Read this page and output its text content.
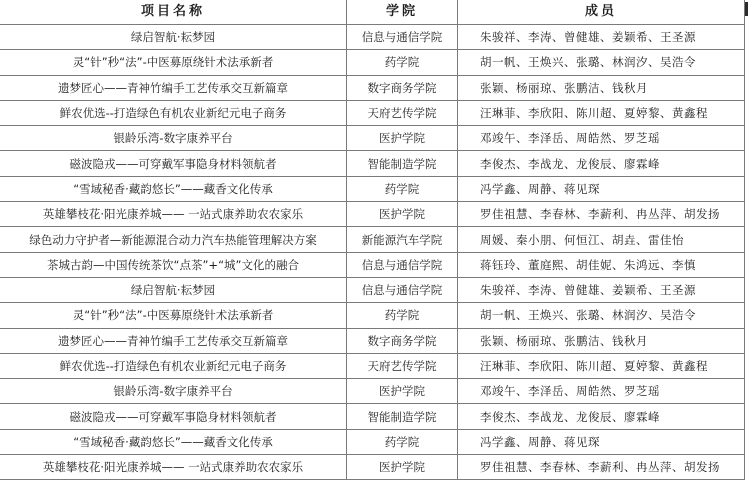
项目名称	学院	成员
绿启智航·耘梦园	信息与通信学院	朱骏祥、李涛、曾健雄、姜颖希、王圣源
灵“针”秒“法”-中医募原绕针术法承新者	药学院	胡一帆、王焕兴、张璐、林润汐、吴浩令
遗梦匠心——青神竹编手工艺传承交互新篇章	数字商务学院	张颖、杨丽琼、张鹏洁、钱秋月
鲜农优选--打造绿色有机农业新纪元电子商务	天府艺传学院	汪琳菲、李欣阳、陈川超、夏婷黎、黄鑫程
银龄乐湾-数字康养平台	医护学院	邓竣午、李泽岳、周皓然、罗芝瑶
磁波隐戎——可穿戴军事隐身材料领航者	智能制造学院	李俊杰、李战龙、龙俊辰、廖霖峰
“雪域秘香·藏韵悠长”——藏香文化传承	药学院	冯学鑫、周静、蒋见琛
英雄攀枝花·阳光康养城—— 一站式康养助农农家乐	医护学院	罗佳祖慧、李春林、李薪利、冉丛萍、胡发扬
绿色动力守护者—新能源混合动力汽车热能管理解决方案	新能源汽车学院	周媛、秦小朋、何恒江、胡垚、雷佳怡
茶城古韵—中国传统茶饮“点茶”+“城”文化的融合	信息与通信学院	蒋钰玲、董庭熙、胡佳妮、朱鸿远、李慎
绿启智航·耘梦园	信息与通信学院	朱骏祥、李涛、曾健雄、姜颖希、王圣源
灵“针”秒“法”-中医募原绕针术法承新者	药学院	胡一帆、王焕兴、张璐、林润汐、吴浩令
遗梦匠心——青神竹编手工艺传承交互新篇章	数字商务学院	张颖、杨丽琼、张鹏洁、钱秋月
鲜农优选--打造绿色有机农业新纪元电子商务	天府艺传学院	汪琳菲、李欣阳、陈川超、夏婷黎、黄鑫程
银龄乐湾-数字康养平台	医护学院	邓竣午、李泽岳、周皓然、罗芝瑶
磁波隐戎——可穿戴军事隐身材料领航者	智能制造学院	李俊杰、李战龙、龙俊辰、廖霖峰
“雪域秘香·藏韵悠长”——藏香文化传承	药学院	冯学鑫、周静、蒋见琛
英雄攀枝花·阳光康养城—— 一站式康养助农农家乐	医护学院	罗佳祖慧、李春林、李薪利、冉丛萍、胡发扬
